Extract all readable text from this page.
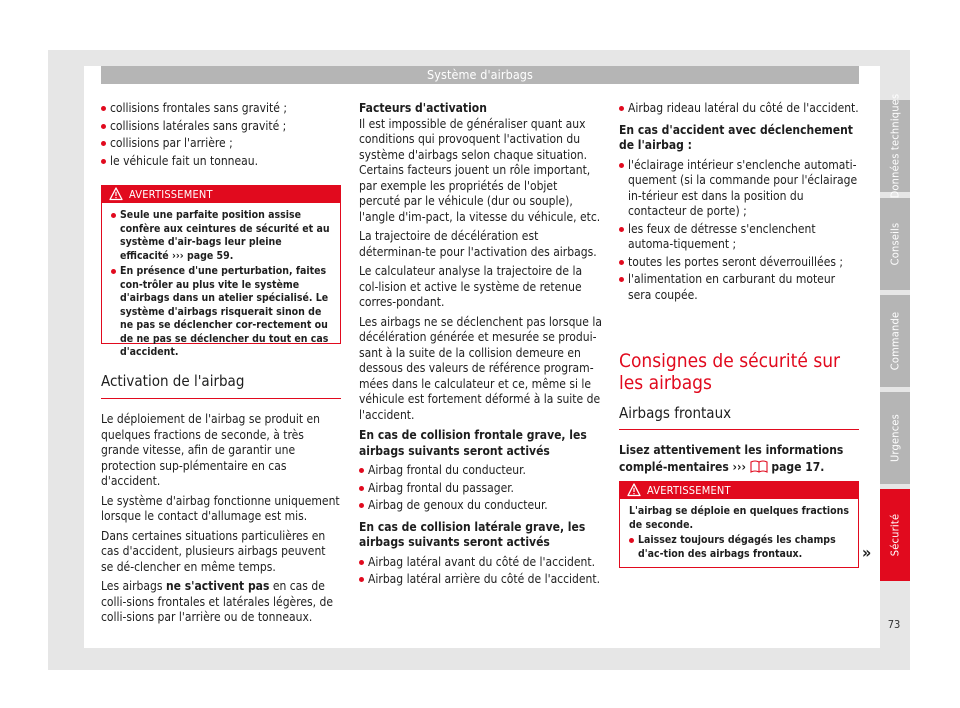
Système d'airbags
collisions frontales sans gravité ;
collisions latérales sans gravité ;
collisions par l'arrière ;
le véhicule fait un tonneau.
AVERTISSEMENT
Seule une parfaite position assise confère aux ceintures de sécurité et au système d'air-bags leur pleine efficacité ››› page 59.
En présence d'une perturbation, faites con-trôler au plus vite le système d'airbags dans un atelier spécialisé. Le système d'airbags risquerait sinon de ne pas se déclencher cor-rectement ou de ne pas se déclencher du tout en cas d'accident.
Activation de l'airbag

Le déploiement de l'airbag se produit en quelques fractions de seconde, à très grande vitesse, afin de garantir une protection sup-plémentaire en cas d'accident.

Le système d'airbag fonctionne uniquement lorsque le contact d'allumage est mis.

Dans certaines situations particulières en cas d'accident, plusieurs airbags peuvent se dé-clencher en même temps.

Les airbags ne s'activent pas en cas de colli-sions frontales et latérales légères, de colli-sions par l'arrière ou de tonneaux.

Facteurs d'activation

Il est impossible de généraliser quant aux conditions qui provoquent l'activation du système d'airbags selon chaque situation. Certains facteurs jouent un rôle important, par exemple les propriétés de l'objet percuté par le véhicule (dur ou souple), l'angle d'im-pact, la vitesse du véhicule, etc.

La trajectoire de décélération est déterminan-te pour l'activation des airbags.

Le calculateur analyse la trajectoire de la col-lision et active le système de retenue corres-pondant.

Les airbags ne se déclenchent pas lorsque la décélération générée et mesurée se produi-sant à la suite de la collision demeure en dessous des valeurs de référence program-mées dans le calculateur et ce, même si le véhicule est fortement déformé à la suite de l'accident.

En cas de collision frontale grave, les airbags suivants seront activés

Airbag frontal du conducteur.
Airbag frontal du passager.
Airbag de genoux du conducteur.

En cas de collision latérale grave, les airbags suivants seront activés

Airbag latéral avant du côté de l'accident.
Airbag latéral arrière du côté de l'accident.
Airbag rideau latéral du côté de l'accident.

En cas d'accident avec déclenchement de l'airbag :

l'éclairage intérieur s'enclenche automati-quement (si la commande pour l'éclairage in-térieur est dans la position du contacteur de porte) ;
les feux de détresse s'enclenchent automa-tiquement ;
toutes les portes seront déverrouillées ;
l'alimentation en carburant du moteur sera coupée.
Consignes de sécurité sur les airbags
Airbags frontaux

Lisez attentivement les informations complé-mentaires ››› page 17.

AVERTISSEMENT
L'airbag se déploie en quelques fractions de seconde.
Laissez toujours dégagés les champs d'ac-tion des airbags frontaux.	»
Données techniques
Conseils
Commande
Urgences
Sécurité
73
